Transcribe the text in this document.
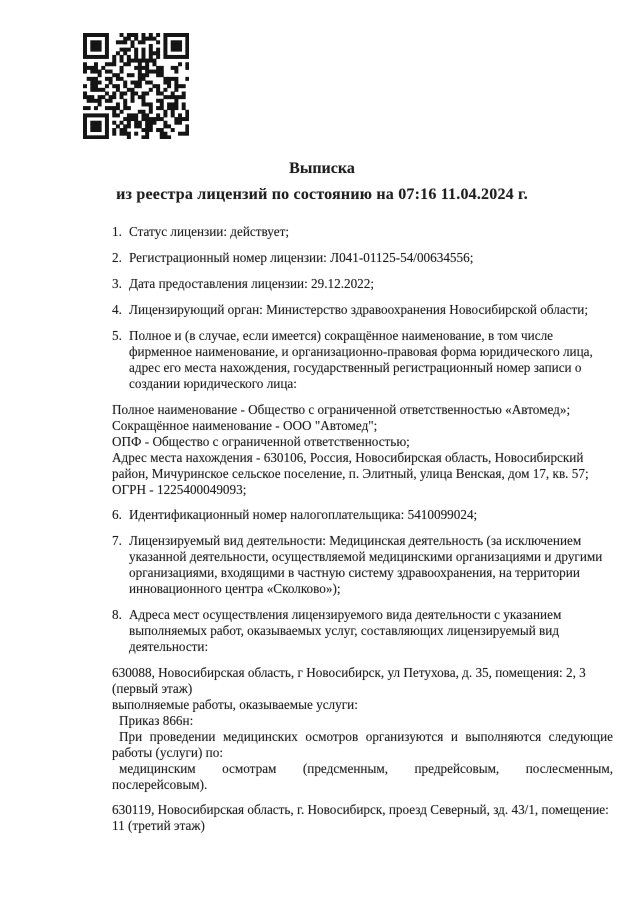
Выписка
из реестра лицензий по состоянию на 07:16 11.04.2024 г.
1. Статус лицензии: действует;
2. Регистрационный номер лицензии: Л041-01125-54/00634556;
3. Дата предоставления лицензии: 29.12.2022;
4. Лицензирующий орган: Министерство здравоохранения Новосибирской области;
5. Полное и (в случае, если имеется) сокращённое наименование, в том числе фирменное наименование, и организационно-правовая форма юридического лица, адрес его места нахождения, государственный регистрационный номер записи о создании юридического лица:
Полное наименование - Общество с ограниченной ответственностью «Автомед»;
Сокращённое наименование - ООО "Автомед";
ОПФ - Общество с ограниченной ответственностью;
Адрес места нахождения - 630106, Россия, Новосибирская область, Новосибирский район, Мичуринское сельское поселение, п. Элитный, улица Венская, дом 17, кв. 57;
ОГРН - 1225400049093;
6. Идентификационный номер налогоплательщика: 5410099024;
7. Лицензируемый вид деятельности: Медицинская деятельность (за исключением указанной деятельности, осуществляемой медицинскими организациями и другими организациями, входящими в частную систему здравоохранения, на территории инновационного центра «Сколково»);
8. Адреса мест осуществления лицензируемого вида деятельности с указанием выполняемых работ, оказываемых услуг, составляющих лицензируемый вид деятельности:
630088, Новосибирская область, г Новосибирск, ул Петухова, д. 35, помещения: 2, 3 (первый этаж)
выполняемые работы, оказываемые услуги:
Приказ 866н:
При проведении медицинских осмотров организуются и выполняются следующие
работы (услуги) по:
медицинским осмотрам (предсменным, предрейсовым, послесменным,
послерейсовым).
630119, Новосибирская область, г. Новосибирск, проезд Северный, зд. 43/1, помещение: 11 (третий этаж)
